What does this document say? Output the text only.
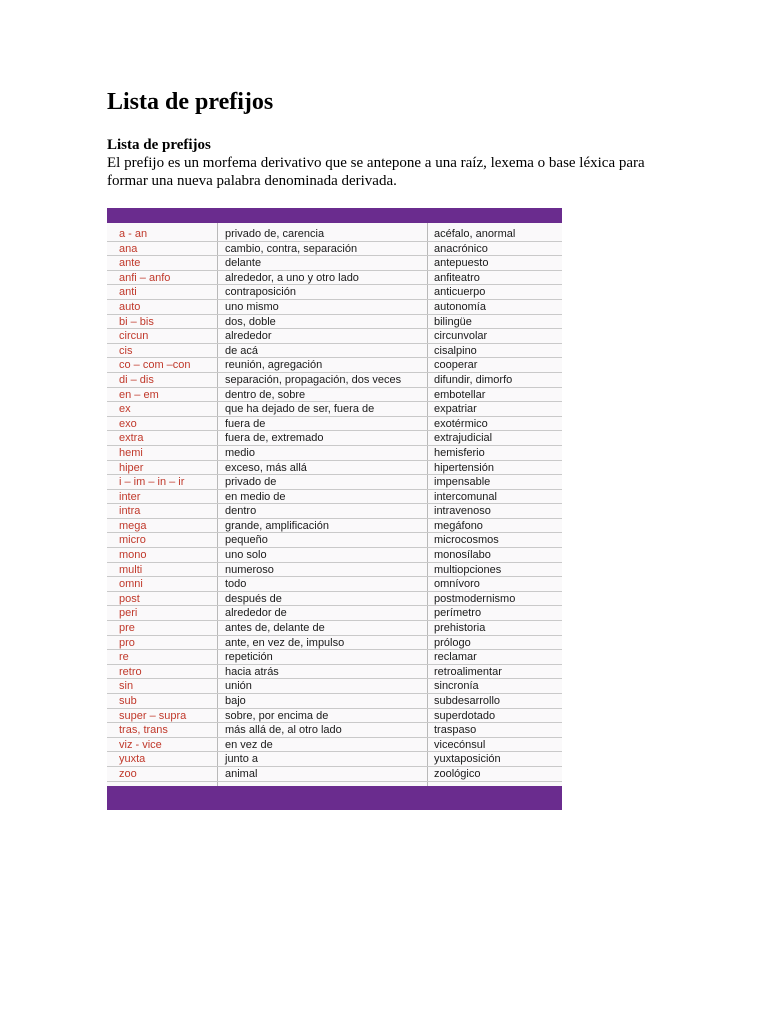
Lista de prefijos
Lista de prefijos
El prefijo es un morfema derivativo que se antepone a una raíz, lexema o base léxica para formar una nueva palabra denominada derivada.
a - an	privado de, carencia	acéfalo, anormal
ana	cambio, contra, separación	anacrónico
ante	delante	antepuesto
anfi – anfo	alrededor, a uno y otro lado	anfiteatro
anti	contraposición	anticuerpo
auto	uno mismo	autonomía
bi – bis	dos, doble	bilingüe
circun	alrededor	circunvolar
cis	de acá	cisalpino
co – com –con	reunión, agregación	cooperar
di – dis	separación, propagación, dos veces	difundir, dimorfo
en – em	dentro de, sobre	embotellar
ex	que ha dejado de ser, fuera de	expatriar
exo	fuera de	exotérmico
extra	fuera de, extremado	extrajudicial
hemi	medio	hemisferio
hiper	exceso, más allá	hipertensión
i – im – in – ir	privado de	impensable
inter	en medio de	intercomunal
intra	dentro	intravenoso
mega	grande, amplificación	megáfono
micro	pequeño	microcosmos
mono	uno solo	monosílabo
multi	numeroso	multiopciones
omni	todo	omnívoro
post	después de	postmodernismo
peri	alrededor de	perímetro
pre	antes de, delante de	prehistoria
pro	ante, en vez de, impulso	prólogo
re	repetición	reclamar
retro	hacia atrás	retroalimentar
sin	unión	sincronía
sub	bajo	subdesarrollo
super – supra	sobre, por encima de	superdotado
tras, trans	más allá de, al otro lado	traspaso
viz - vice	en vez de	vicecónsul
yuxta	junto a	yuxtaposición
zoo	animal	zoológico
